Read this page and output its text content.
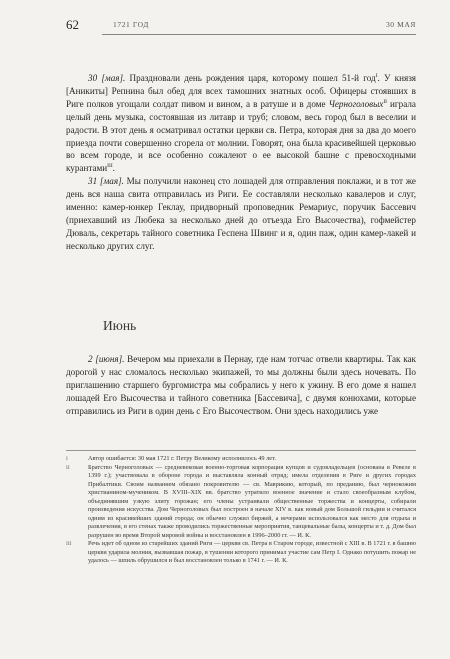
62	1721 ГОД	30 МАЯ

30 [мая]. Праздновали день рождения царя, которому пошел 51-й год$^I$. У князя [Аникиты] Репнина был обед для всех тамошних знатных особ. Офицеры стоявших в Риге полков угощали солдат пивом и вином, а в ратуше и в доме Черноголовых$^{II}$ играла целый день музыка, состоявшая из литавр и труб; словом, весь город был в веселии и радости. В этот день я осматривал остатки церкви св. Петра, которая дня за два до моего приезда почти совершенно сгорела от молнии. Говорят, она была красивейшей церковью во всем городе, и все особенно сожалеют о ее высокой башне с превосходными курантами$^{III}$.

31 [мая]. Мы получили наконец сто лошадей для отправления поклажи, и в тот же день вся наша свита отправилась из Риги. Ее составляли несколько кавалеров и слуг, именно: камер-юнкер Геклау, придворный проповедник Ремариус, поручик Бассевич (приехавший из Любека за несколько дней до отъезда Его Высочества), гофмейстер Дюваль, секретарь тайного советника Геспена Швинг и я, один паж, один камер-лакей и несколько других слуг.

Июнь

2 [июня]. Вечером мы приехали в Пернау, где нам тотчас отвели квартиры. Так как дорогой у нас сломалось несколько экипажей, то мы должны были здесь ночевать. По приглашению старшего бургомистра мы собрались у него к ужину. В его доме я нашел лошадей Его Высочества и тайного советника [Бассевича], с двумя конюхами, которые отправились из Риги в один день с Его Высочеством. Они здесь находились уже

I	Автор ошибается: 30 мая 1721 г. Петру Великому исполнилось 49 лет.
II	Братство Черноголовых — средневековая военно-торговая корпорация купцов и судовладельцев (основана в Ревеле в 1399 г.); участвовала в обороне города и выставляла конный отряд; имела отделения в Риге и других городах Прибалтики. Своим названием обязано покровителю — св. Маврикию, который, по преданию, был чернокожим христианином-мучеником. В XVIII–XIX вв. братство утратило военное значение и стало своеобразным клубом, объединявшим узкую элиту горожан; его члены устраивали общественные торжества и концерты, собирали произведения искусства. Дом Черноголовых был построен в начале XIV в. как новый дом Большой гильдии и считался одним из красивейших зданий города; он обычно служил биржей, а вечерами использовался как место для отдыха и развлечения, в его стенах также проводились торжественные мероприятия, танцевальные балы, концерты и т. д. Дом был разрушен во время Второй мировой войны и восстановлен в 1996–2000 гг. — И. К.
III	Речь идет об одном из старейших зданий Риги — церкви св. Петра в Старом городе, известной с XIII в. В 1721 г. в башню церкви ударила молния, вызвавшая пожар, в тушении которого принимал участие сам Петр I. Однако потушить пожар не удалось — шпиль обрушился и был восстановлен только в 1741 г. — И. К.
